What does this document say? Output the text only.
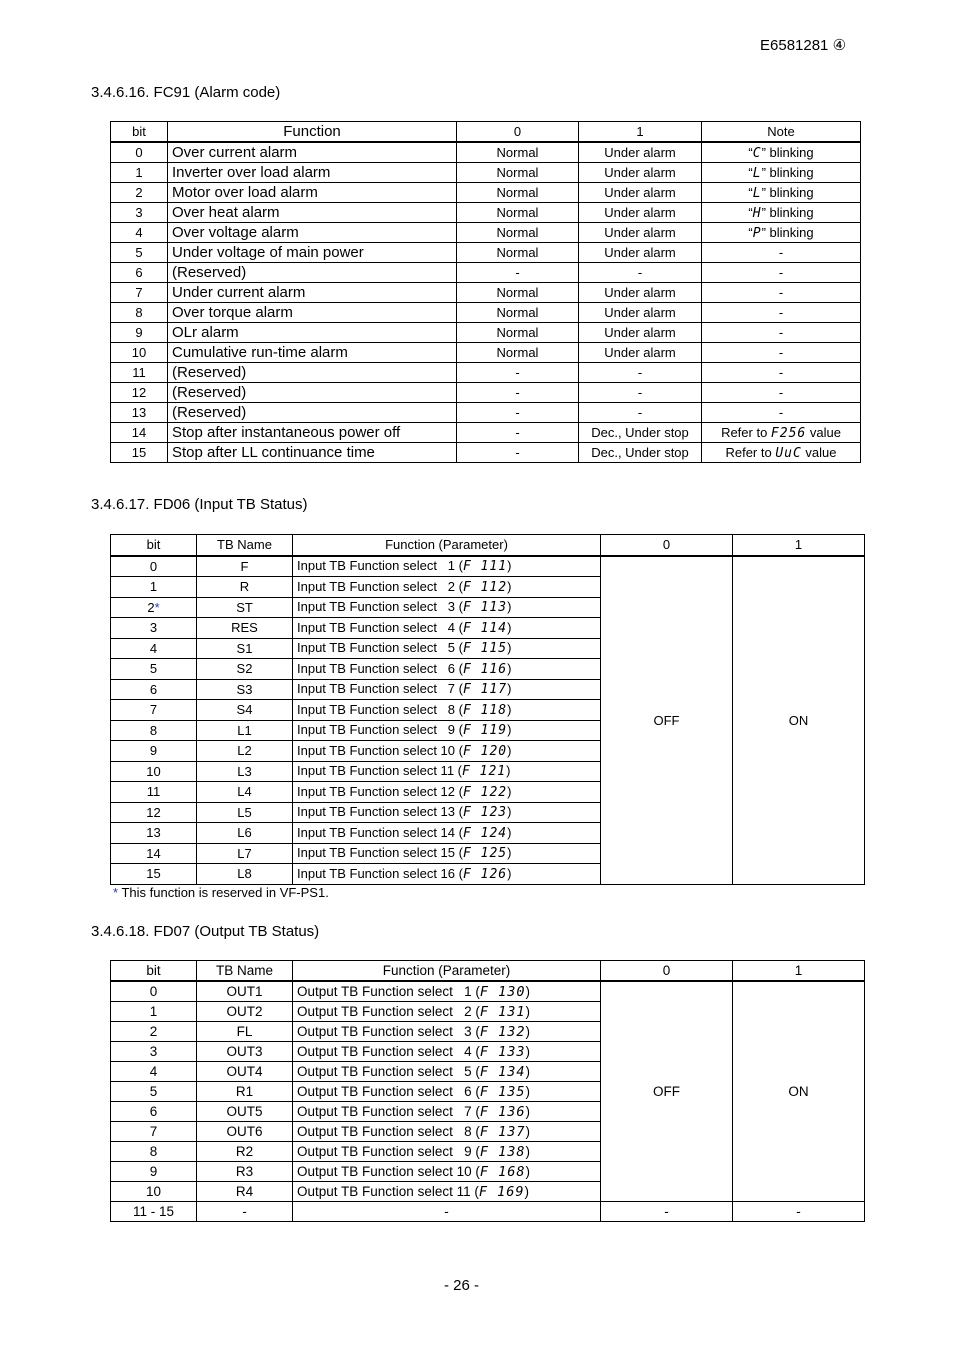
E6581281 ④
3.4.6.16. FC91 (Alarm code)
bit	Function	0	1	Note
0	Over current alarm	Normal	Under alarm	“C” blinking
1	Inverter over load alarm	Normal	Under alarm	“L” blinking
2	Motor over load alarm	Normal	Under alarm	“L” blinking
3	Over heat alarm	Normal	Under alarm	“H” blinking
4	Over voltage alarm	Normal	Under alarm	“P” blinking
5	Under voltage of main power	Normal	Under alarm	-
6	(Reserved)	-	-	-
7	Under current alarm	Normal	Under alarm	-
8	Over torque alarm	Normal	Under alarm	-
9	OLr alarm	Normal	Under alarm	-
10	Cumulative run-time alarm	Normal	Under alarm	-
11	(Reserved)	-	-	-
12	(Reserved)	-	-	-
13	(Reserved)	-	-	-
14	Stop after instantaneous power off	-	Dec., Under stop	Refer to F256 value
15	Stop after LL continuance time	-	Dec., Under stop	Refer to UuC value
3.4.6.17. FD06 (Input TB Status)
bit	TB Name	Function (Parameter)	0	1
0	F	Input TB Function select   1 (F 111)	OFF	ON
1	R	Input TB Function select   2 (F 112)		
2*	ST	Input TB Function select   3 (F 113)		
3	RES	Input TB Function select   4 (F 114)		
4	S1	Input TB Function select   5 (F 115)		
5	S2	Input TB Function select   6 (F 116)		
6	S3	Input TB Function select   7 (F 117)		
7	S4	Input TB Function select   8 (F 118)		
8	L1	Input TB Function select   9 (F 119)		
9	L2	Input TB Function select 10 (F 120)		
10	L3	Input TB Function select 11 (F 121)		
11	L4	Input TB Function select 12 (F 122)		
12	L5	Input TB Function select 13 (F 123)		
13	L6	Input TB Function select 14 (F 124)		
14	L7	Input TB Function select 15 (F 125)		
15	L8	Input TB Function select 16 (F 126)		
* This function is reserved in VF-PS1.
3.4.6.18. FD07 (Output TB Status)
bit	TB Name	Function (Parameter)	0	1
0	OUT1	Output TB Function select   1 (F 130)	OFF	ON
1	OUT2	Output TB Function select   2 (F 131)		
2	FL	Output TB Function select   3 (F 132)		
3	OUT3	Output TB Function select   4 (F 133)		
4	OUT4	Output TB Function select   5 (F 134)		
5	R1	Output TB Function select   6 (F 135)		
6	OUT5	Output TB Function select   7 (F 136)		
7	OUT6	Output TB Function select   8 (F 137)		
8	R2	Output TB Function select   9 (F 138)		
9	R3	Output TB Function select 10 (F 168)		
10	R4	Output TB Function select 11 (F 169)		
11 - 15	-	-	-	-
- 26 -
